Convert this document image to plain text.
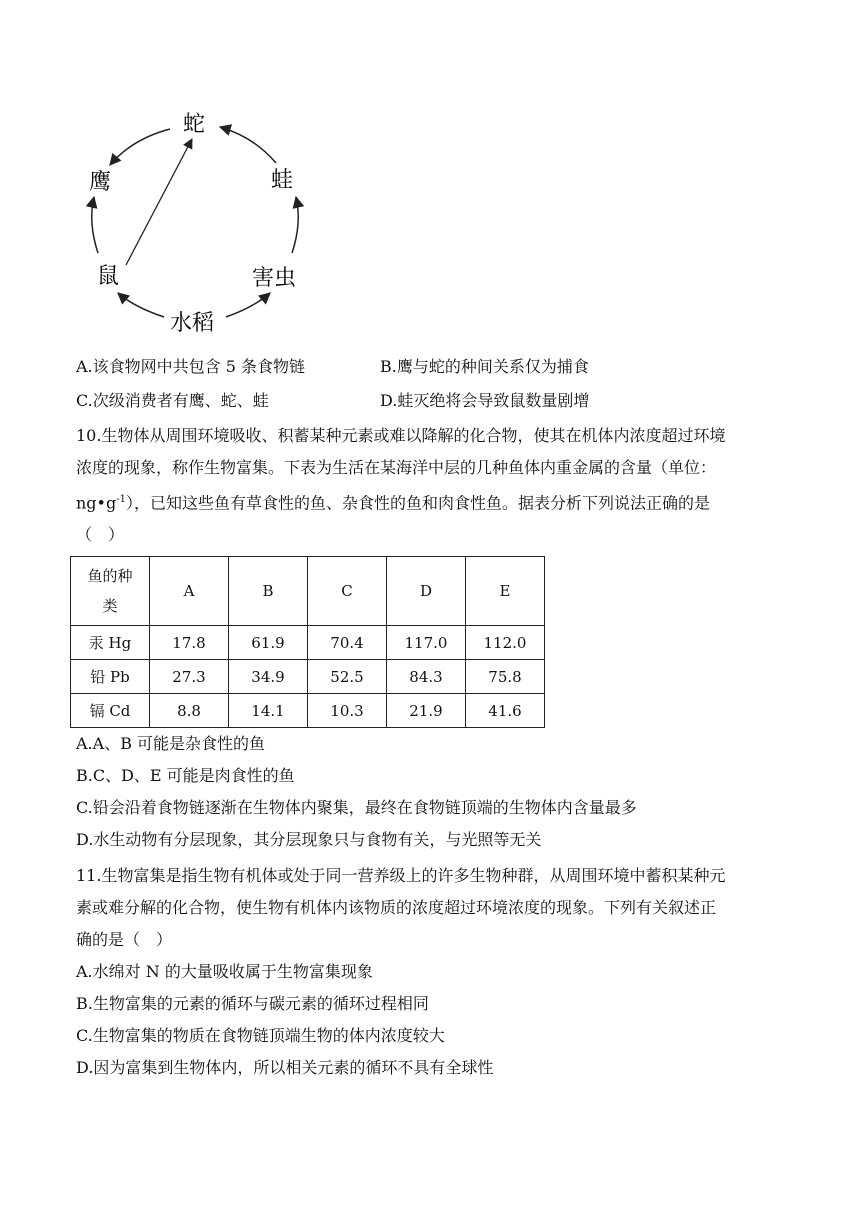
蛇
鹰	蛙
鼠	害虫
水稻
A.该食物网中共包含 5 条食物链	B.鹰与蛇的种间关系仅为捕食
C.次级消费者有鹰、蛇、蛙	D.蛙灭绝将会导致鼠数量剧增
10.生物体从周围环境吸收、积蓄某种元素或难以降解的化合物，使其在机体内浓度超过环境
浓度的现象，称作生物富集。下表为生活在某海洋中层的几种鱼体内重金属的含量（单位：
$ng•g^{-1}$），已知这些鱼有草食性的鱼、杂食性的鱼和肉食性鱼。据表分析下列说法正确的是
（　）
鱼的种
类	A	B	C	D	E
汞 Hg	17.8	61.9	70.4	117.0	112.0
铅 Pb	27.3	34.9	52.5	84.3	75.8
镉 Cd	8.8	14.1	10.3	21.9	41.6
A.A、B 可能是杂食性的鱼
B.C、D、E 可能是肉食性的鱼
C.铅会沿着食物链逐渐在生物体内聚集，最终在食物链顶端的生物体内含量最多
D.水生动物有分层现象，其分层现象只与食物有关，与光照等无关
11.生物富集是指生物有机体或处于同一营养级上的许多生物种群，从周围环境中蓄积某种元
素或难分解的化合物，使生物有机体内该物质的浓度超过环境浓度的现象。下列有关叙述正
确的是（　）
A.水绵对 N 的大量吸收属于生物富集现象
B.生物富集的元素的循环与碳元素的循环过程相同
C.生物富集的物质在食物链顶端生物的体内浓度较大
D.因为富集到生物体内，所以相关元素的循环不具有全球性
